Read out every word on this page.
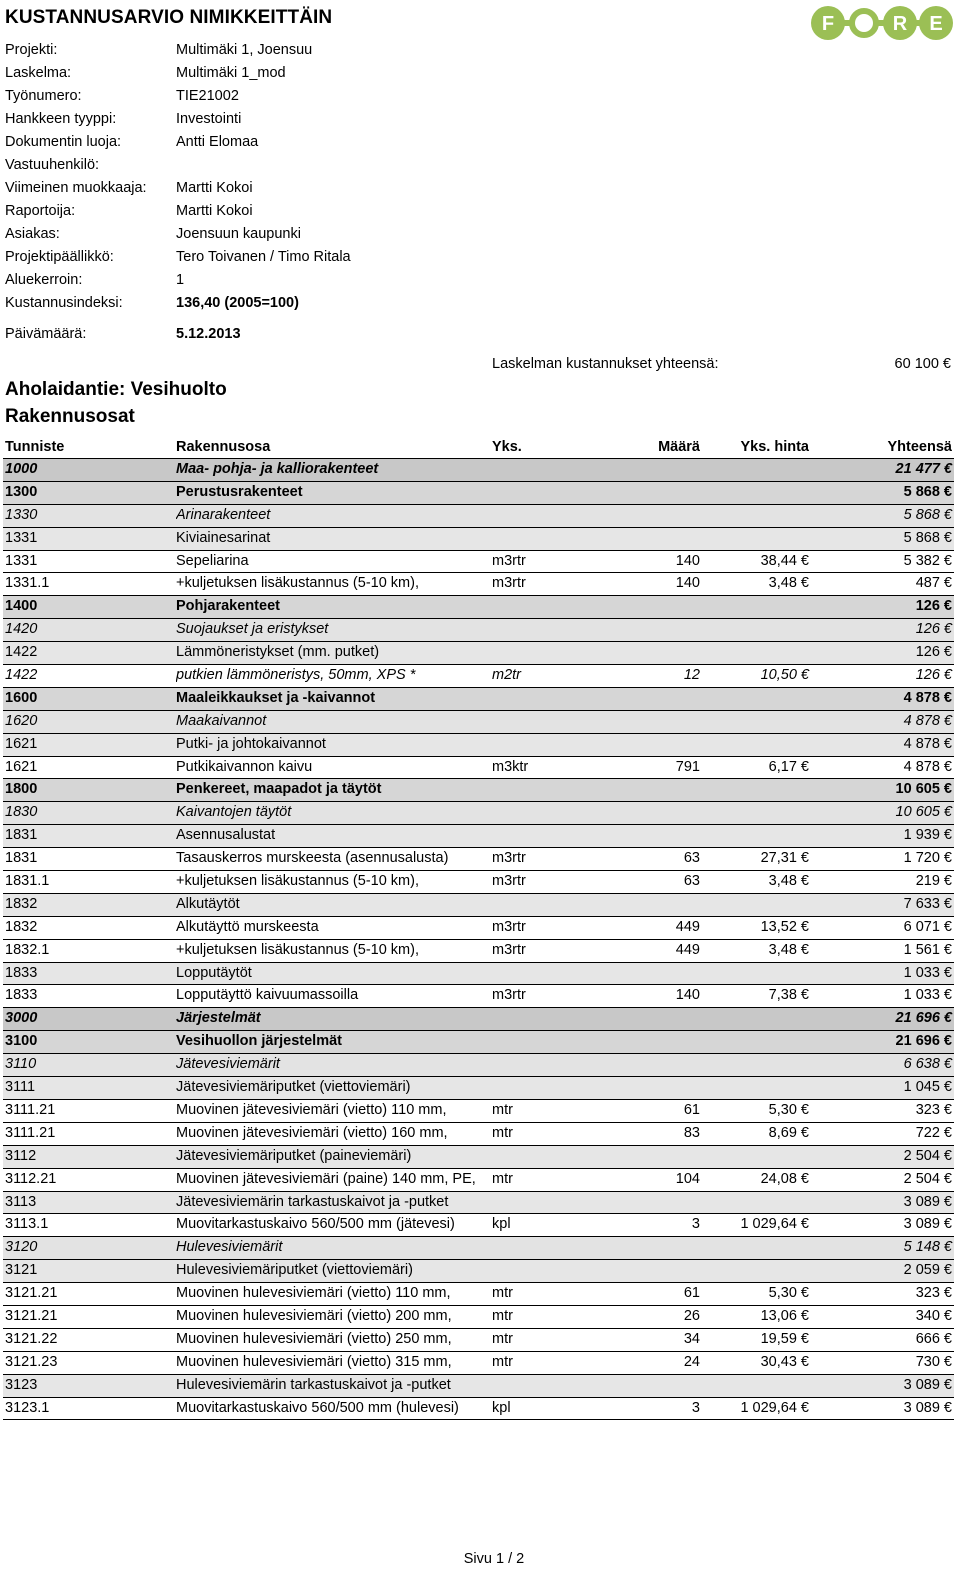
KUSTANNUSARVIO NIMIKKEITTÄIN	F	R E
Projekti:	Multimäki 1, Joensuu
Laskelma:	Multimäki 1_mod
Työnumero:	TIE21002
Hankkeen tyyppi:	Investointi
Dokumentin luoja:	Antti Elomaa
Vastuuhenkilö:
Viimeinen muokkaaja: Martti Kokoi
Raportoija:	Martti Kokoi
Asiakas:	Joensuun kaupunki
Projektipäällikkö:	Tero Toivanen / Timo Ritala
Aluekerroin:	1
Kustannusindeksi:	136,40 (2005=100)
Päivämäärä:	5.12.2013
Laskelman kustannukset yhteensä:	60 100 €
Aholaidantie: Vesihuolto
Rakennusosat
Tunniste	Rakennusosa	Yks.	Määrä	Yks. hinta	Yhteensä
1000	Maa- pohja- ja kalliorakenteet	21 477 €
1300	Perustusrakenteet	5 868 €
1330	Arinarakenteet	5 868 €
1331	Kiviainesarinat	5 868 €
1331	Sepeliarina	m3rtr	140	38,44 €	5 382 €
1331.1	+kuljetuksen lisäkustannus (5-10 km),	m3rtr	140	3,48 €	487 €
1400	Pohjarakenteet	126 €
1420	Suojaukset ja eristykset	126 €
1422	Lämmöneristykset (mm. putket)	126 €
1422	putkien lämmöneristys, 50mm, XPS *	m2tr	12	10,50 €	126 €
1600	Maaleikkaukset ja -kaivannot	4 878 €
1620	Maakaivannot	4 878 €
1621	Putki- ja johtokaivannot	4 878 €
1621	Putkikaivannon kaivu	m3ktr	791	6,17 €	4 878 €
1800	Penkereet, maapadot ja täytöt	10 605 €
1830	Kaivantojen täytöt	10 605 €
1831	Asennusalustat	1 939 €
1831	Tasauskerros murskeesta (asennusalusta)	m3rtr	63	27,31 €	1 720 €
1831.1	+kuljetuksen lisäkustannus (5-10 km),	m3rtr	63	3,48 €	219 €
1832	Alkutäytöt	7 633 €
1832	Alkutäyttö murskeesta	m3rtr	449	13,52 €	6 071 €
1832.1	+kuljetuksen lisäkustannus (5-10 km),	m3rtr	449	3,48 €	1 561 €
1833	Lopputäytöt	1 033 €
1833	Lopputäyttö kaivuumassoilla	m3rtr	140	7,38 €	1 033 €
3000	Järjestelmät	21 696 €
3100	Vesihuollon järjestelmät	21 696 €
3110	Jätevesiviemärit	6 638 €
3111	Jätevesiviemäriputket (viettoviemäri)	1 045 €
3111.21	Muovinen jätevesiviemäri (vietto) 110 mm,	mtr	61	5,30 €	323 €
3111.21	Muovinen jätevesiviemäri (vietto) 160 mm,	mtr	83	8,69 €	722 €
3112	Jätevesiviemäriputket (paineviemäri)	2 504 €
3112.21	Muovinen jätevesiviemäri (paine) 140 mm, PE,	mtr	104	24,08 €	2 504 €
3113	Jätevesiviemärin tarkastuskaivot ja -putket	3 089 €
3113.1	Muovitarkastuskaivo 560/500 mm (jätevesi)	kpl	3	1 029,64 €	3 089 €
3120	Hulevesiviemärit	5 148 €
3121	Hulevesiviemäriputket (viettoviemäri)	2 059 €
3121.21	Muovinen hulevesiviemäri (vietto) 110 mm,	mtr	61	5,30 €	323 €
3121.21	Muovinen hulevesiviemäri (vietto) 200 mm,	mtr	26	13,06 €	340 €
3121.22	Muovinen hulevesiviemäri (vietto) 250 mm,	mtr	34	19,59 €	666 €
3121.23	Muovinen hulevesiviemäri (vietto) 315 mm,	mtr	24	30,43 €	730 €
3123	Hulevesiviemärin tarkastuskaivot ja -putket	3 089 €
3123.1	Muovitarkastuskaivo 560/500 mm (hulevesi)	kpl	3	1 029,64 €	3 089 €
Sivu 1 / 2
